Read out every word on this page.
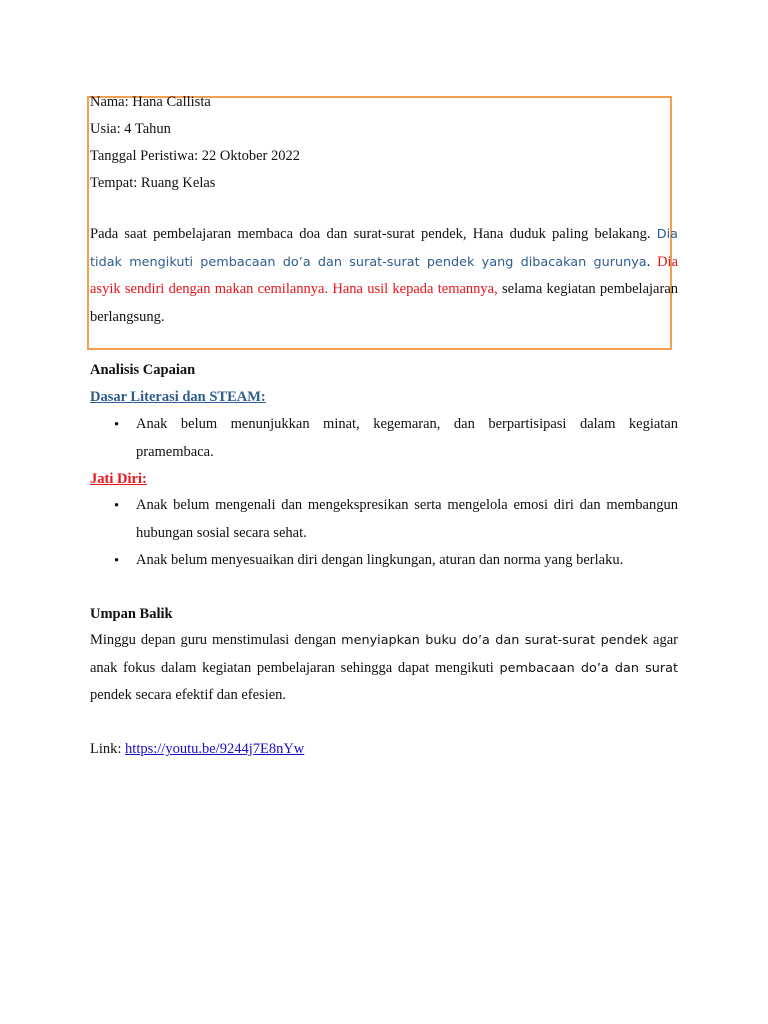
Nama: Hana Callista
Usia: 4 Tahun
Tanggal Peristiwa: 22 Oktober 2022
Tempat: Ruang Kelas
Pada saat pembelajaran membaca doa dan surat-surat pendek, Hana duduk paling belakang. Dia tidak mengikuti pembacaan do’a dan surat-surat pendek yang dibacakan gurunya. Dia asyik sendiri dengan makan cemilannya. Hana usil kepada temannya, selama kegiatan pembelajaran berlangsung.
Analisis Capaian
Dasar Literasi dan STEAM:
• Anak belum menunjukkan minat, kegemaran, dan berpartisipasi dalam kegiatan pramembaca.
Jati Diri:
• Anak belum mengenali dan mengekspresikan serta mengelola emosi diri dan membangun hubungan sosial secara sehat.
• Anak belum menyesuaikan diri dengan lingkungan, aturan dan norma yang berlaku.
Umpan Balik
Minggu depan guru menstimulasi dengan menyiapkan buku do’a dan surat-surat pendek agar anak fokus dalam kegiatan pembelajaran sehingga dapat mengikuti pembacaan do’a dan surat pendek secara efektif dan efesien.
Link: https://youtu.be/9244j7E8nYw
